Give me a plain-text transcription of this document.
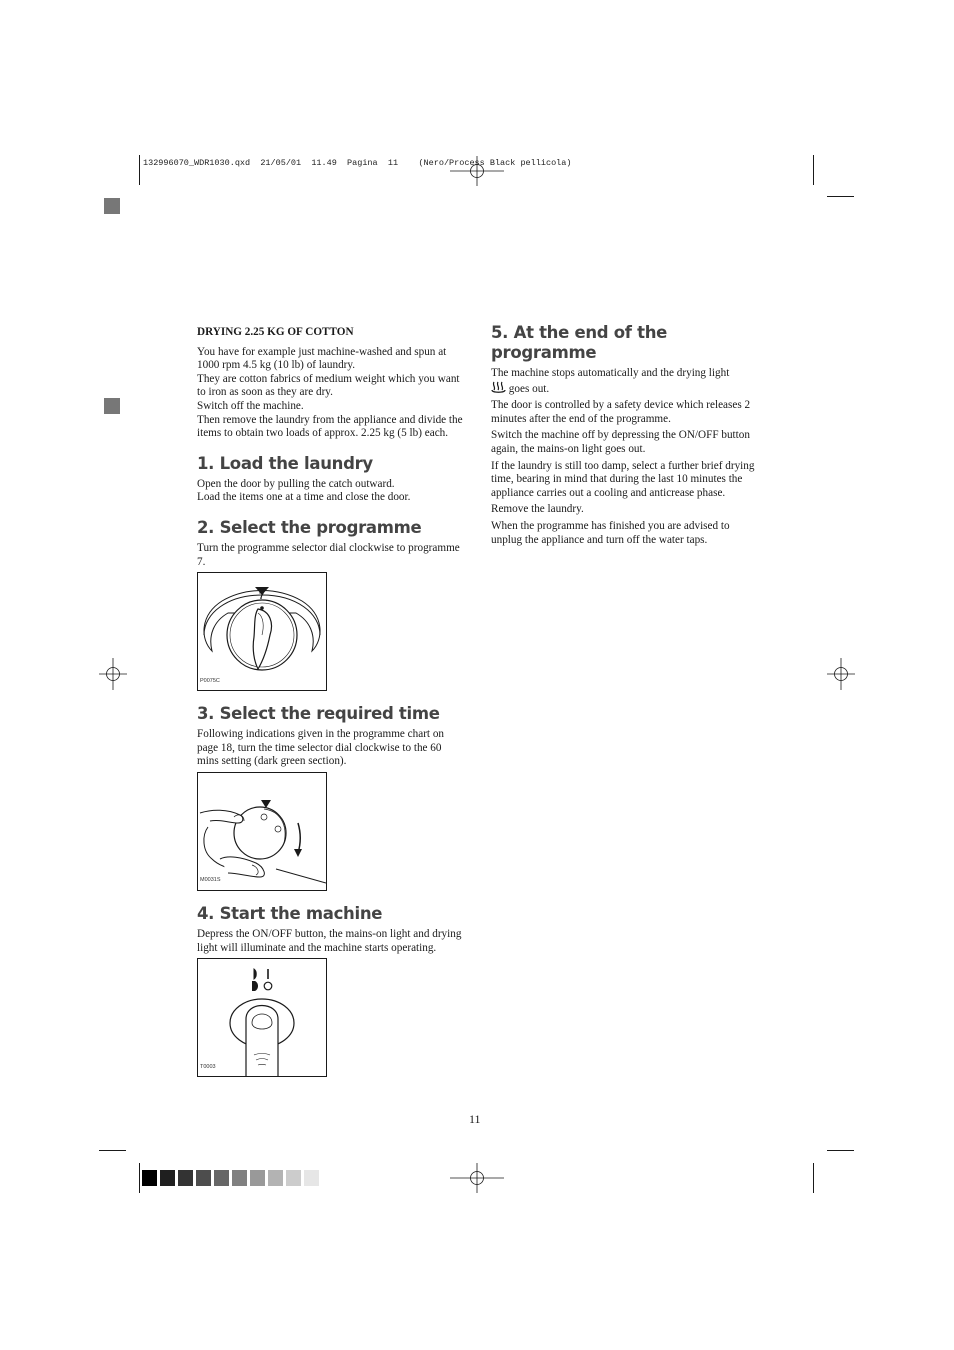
132996070_WDR1030.qxd  21/05/01  11.49  Pagina  11    (Nero/Process Black pellicola)
DRYING 2.25 KG OF COTTON

You have for example just machine-washed and spun at 1000 rpm 4.5 kg (10 lb) of laundry.

They are cotton fabrics of medium weight which you want to iron as soon as they are dry.

Switch off the machine.

Then remove the laundry from the appliance and divide the items to obtain two loads of approx. 2.25 kg (5 lb) each.

1. Load the laundry

Open the door by pulling the catch outward.

Load the items one at a time and close the door.

2. Select the programme

Turn the programme selector dial clockwise to programme 7.

7
P0075C
3. Select the required time

Following indications given in the programme chart on page 18, turn the time selector dial clockwise to the 60 mins setting (dark green section).

M0031S
4. Start the machine

Depress the ON/OFF button, the mains-on light and drying light will illuminate and the machine starts operating.

T0003
5. At the end of the programme

The machine stops automatically and the drying light
goes out.

The door is controlled by a safety device which releases 2 minutes after the end of the programme.

Switch the machine off by depressing the ON/OFF button again, the mains-on light goes out.

If the laundry is still too damp, select a further brief drying time, bearing in mind that during the last 10 minutes the appliance carries out a cooling and anticrease phase.

Remove the laundry.

When the programme has finished you are advised to unplug the appliance and turn off the water taps.

11
